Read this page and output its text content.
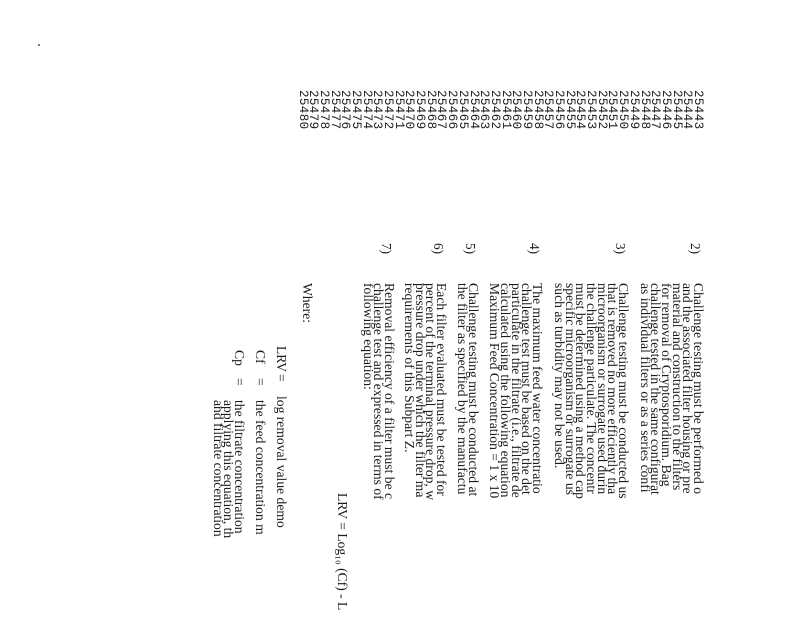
25443
25444
25445
25446
25447
25448
25449
25450
25451
25452
25453
25454
25455
25456
25457
25458
25459
25460
25461
25462
25463
25464
25465
25466
25467
25468
25469
25470
25471
25472
25473
25474
25475
25476
25477
25478
25479
25480
2)
Challenge testing must be performed o
and the associated filter housing or pre
material and construction to the filters
for removal of Cryptosporidium. Bag
challenge tested in the same configurat
as individual filters or as a series confi
3)
Challenge testing must be conducted us
that is removed no more efficiently tha
microorganism or surrogate used durin
the challenge particulate. The concentr
must be determined using a method cap
specific microorganism or surrogate us
such as turbidity may not be used.
4)
The maximum feed water concentratio
challenge test must be based on the det
particulate in the filtrate (i.e., filtrate de
calculated using the following equation
Maximum Feed Concentration = 1 x 10
5)
Challenge testing must be conducted at
the filter as specified by the manufactu
6)
Each filter evaluated must be tested for
percent of the terminal pressure drop, w
pressure drop under which the filter ma
requirements of this Subpart Z.
7)
Removal efficiency of a filter must be c
challenge test and expressed in terms of
following equation:
LRV = Log₁₀ (Cf) - L
Where:
LRV
=
log removal value demo
Cf
=
the feed concentration m
Cp
=
the filtrate concentration
applying this equation, th
and filtrate concentration
